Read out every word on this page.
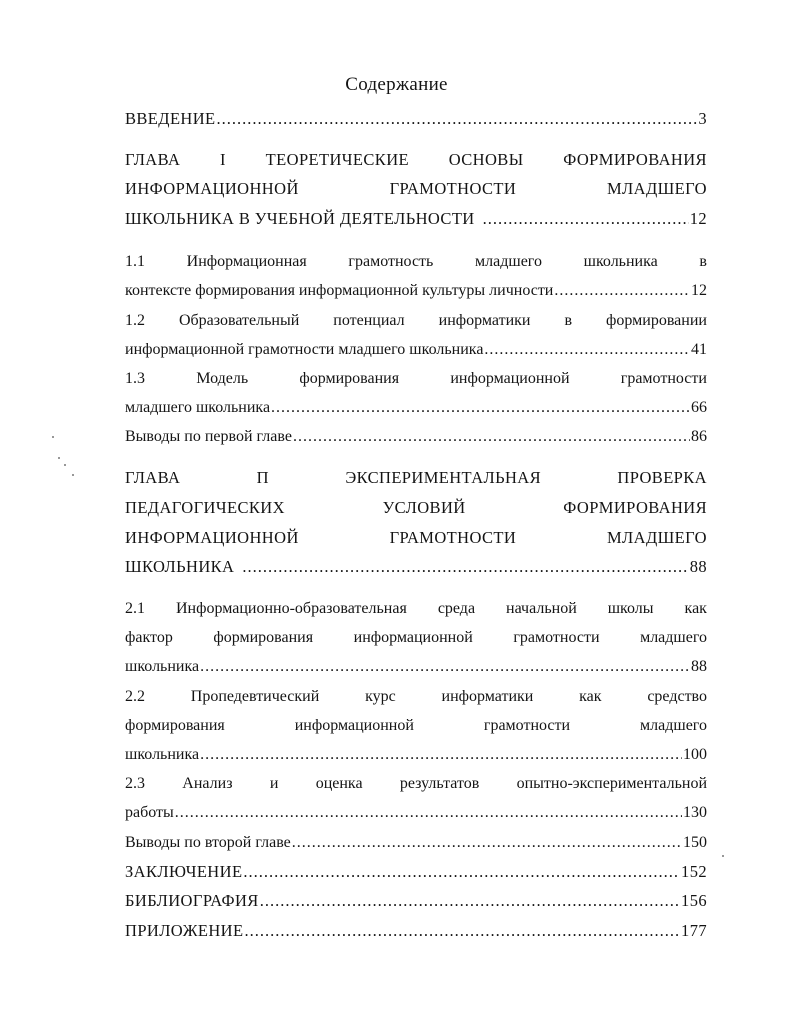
Содержание
ВВЕДЕНИЕ .....	3
ГЛАВА I ТЕОРЕТИЧЕСКИЕ ОСНОВЫ ФОРМИРОВАНИЯ
ИНФОРМАЦИОННОЙ	ГРАМОТНОСТИ	МЛАДШЕГО
ШКОЛЬНИКА В УЧЕБНОЙ ДЕЯТЕЛЬНОСТИ .....	12
1.1	Информационная	грамотность	младшего	школьника	в
контексте формирования информационной культуры личности .....	12
1.2 Образовательный потенциал информатики в формировании
информационной грамотности младшего школьника .....	41
1.3	Модель	формирования	информационной	грамотности
младшего школьника .....	66
Выводы по первой главе .....	86
ГЛАВА	П	ЭКСПЕРИМЕНТАЛЬНАЯ	ПРОВЕРКА
ПЕДАГОГИЧЕСКИХ	УСЛОВИЙ	ФОРМИРОВАНИЯ
ИНФОРМАЦИОННОЙ	ГРАМОТНОСТИ	МЛАДШЕГО
ШКОЛЬНИКА .....	88
2.1 Информационно-образовательная среда начальной школы как
фактор	формирования	информационной	грамотности	младшего
школьника .....	88
2.2	Пропедевтический	курс	информатики	как	средство
формирования	информационной	грамотности	младшего
школьника .....	100
2.3 Анализ и оценка результатов опытно-экспериментальной
работы .....	130
Выводы по второй главе .....	150
ЗАКЛЮЧЕНИЕ .....	152
БИБЛИОГРАФИЯ .....	156
ПРИЛОЖЕНИЕ .....	177
